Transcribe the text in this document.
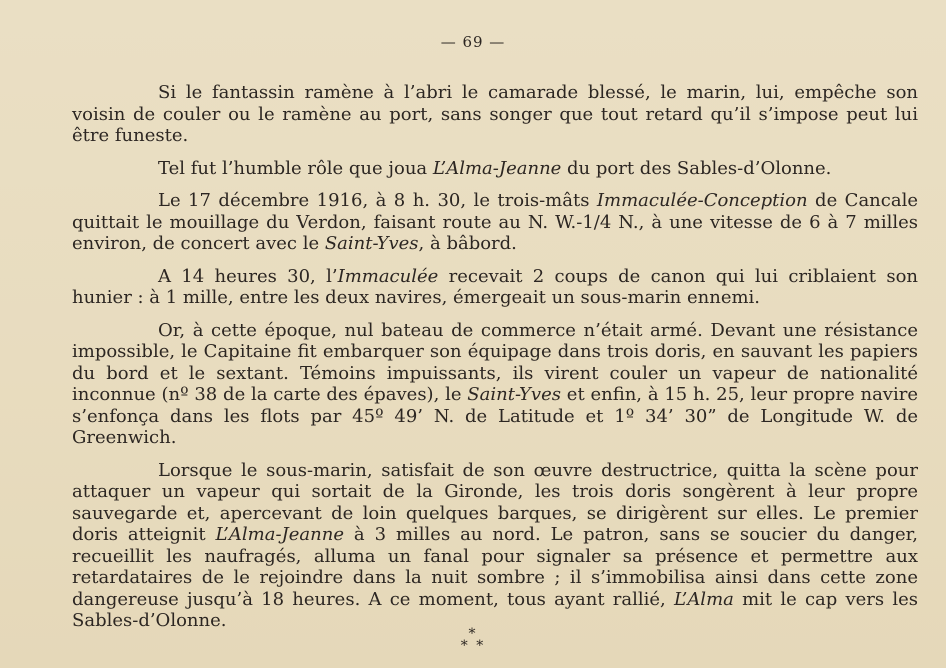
— 69 —

Si le fantassin ramène à l’abri le camarade blessé, le marin, lui, empêche son voisin de couler ou le ramène au port, sans songer que tout retard qu’il s’impose peut lui être funeste.

Tel fut l’humble rôle que joua L’Alma-Jeanne du port des Sables-d’Olonne.

Le 17 décembre 1916, à 8 h. 30, le trois-mâts Immaculée-Conception de Cancale quittait le mouillage du Verdon, faisant route au N. W.-1/4 N., à une vitesse de 6 à 7 milles environ, de concert avec le Saint-Yves, à bâbord.

A 14 heures 30, l’Immaculée recevait 2 coups de canon qui lui criblaient son hunier : à 1 mille, entre les deux navires, émergeait un sous-marin ennemi.

Or, à cette époque, nul bateau de commerce n’était armé. Devant une résistance impossible, le Capitaine fit embarquer son équipage dans trois doris, en sauvant les papiers du bord et le sextant. Témoins impuissants, ils virent couler un vapeur de nationalité inconnue (nº 38 de la carte des épaves), le Saint-Yves et enfin, à 15 h. 25, leur propre navire s’enfonça dans les flots par 45º 49’ N. de Latitude et 1º 34’ 30” de Longitude W. de Greenwich.

Lorsque le sous-marin, satisfait de son œuvre destructrice, quitta la scène pour attaquer un vapeur qui sortait de la Gironde, les trois doris songèrent à leur propre sauvegarde et, apercevant de loin quelques barques, se dirigèrent sur elles. Le premier doris atteignit L’Alma-Jeanne à 3 milles au nord. Le patron, sans se soucier du danger, recueillit les naufragés, alluma un fanal pour signaler sa présence et permettre aux retardataires de le rejoindre dans la nuit sombre ; il s’immobilisa ainsi dans cette zone dangereuse jusqu’à 18 heures. A ce moment, tous ayant rallié, L’Alma mit le cap vers les Sables-d’Olonne.

*
* *
